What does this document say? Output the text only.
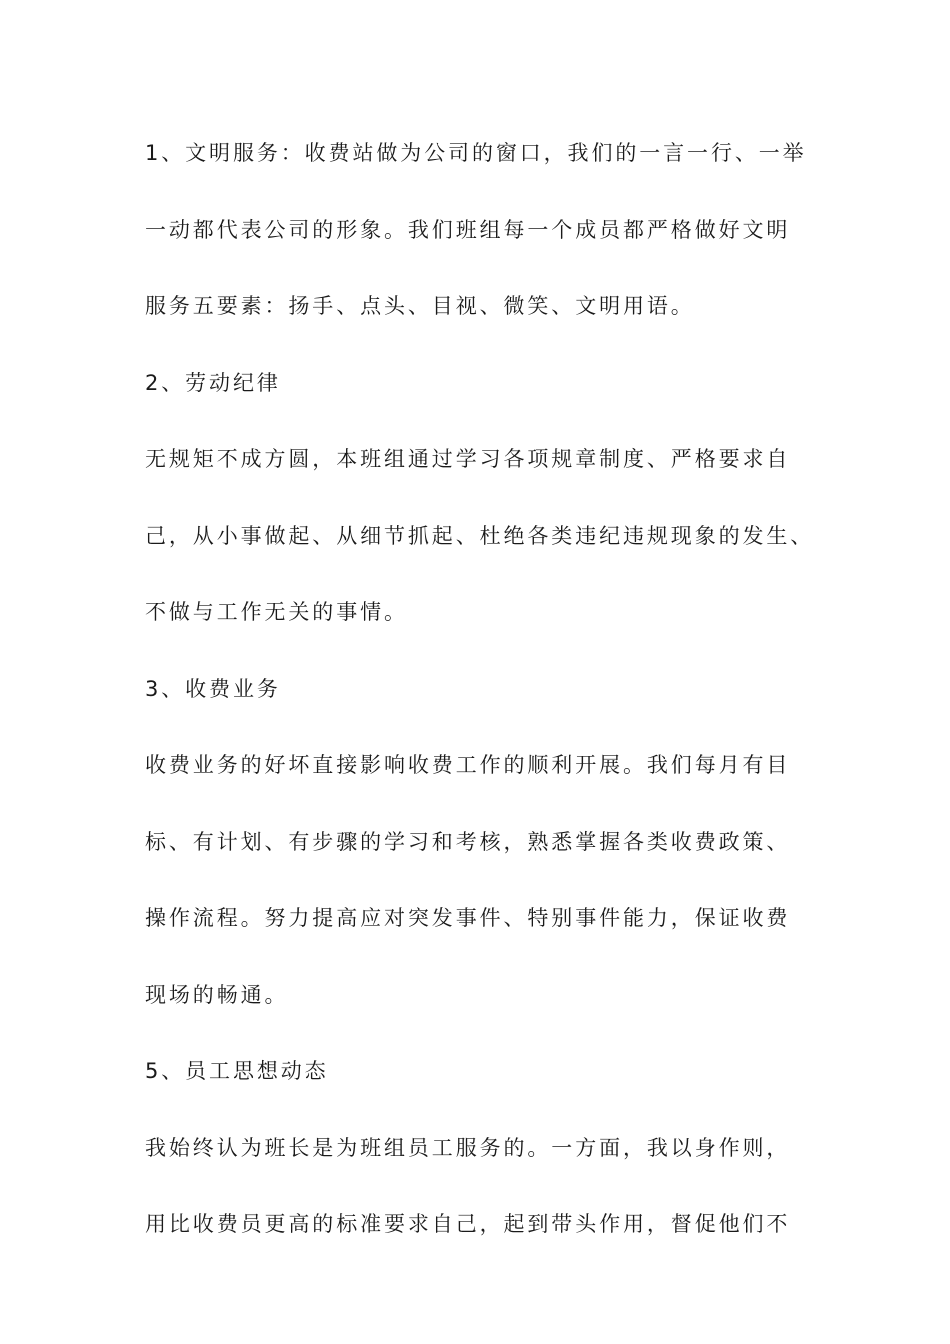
1、文明服务：收费站做为公司的窗口，我们的一言一行、一举
一动都代表公司的形象。我们班组每一个成员都严格做好文明
服务五要素：扬手、点头、目视、微笑、文明用语。
2、劳动纪律
无规矩不成方圆，本班组通过学习各项规章制度、严格要求自
己，从小事做起、从细节抓起、杜绝各类违纪违规现象的发生、
不做与工作无关的事情。
3、收费业务
收费业务的好坏直接影响收费工作的顺利开展。我们每月有目
标、有计划、有步骤的学习和考核，熟悉掌握各类收费政策、
操作流程。努力提高应对突发事件、特别事件能力，保证收费
现场的畅通。
5、员工思想动态
我始终认为班长是为班组员工服务的。一方面，我以身作则，
用比收费员更高的标准要求自己，起到带头作用，督促他们不
